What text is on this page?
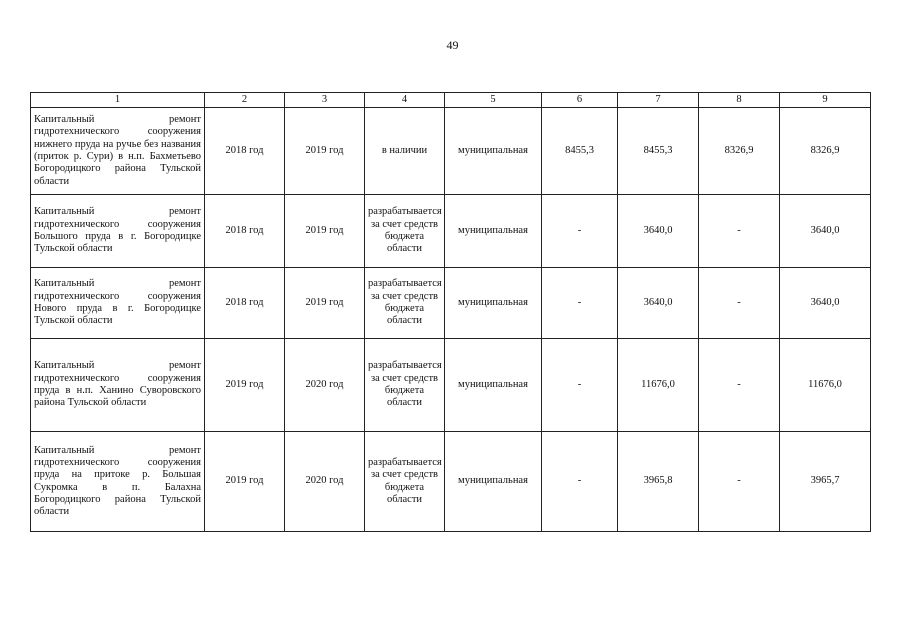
49
1	2	3	4	5	6	7	8	9
Капитальный ремонт гидротехнического сооружения нижнего пруда на ручье без названия (приток р. Сури) в н.п. Бахметьево Богородицкого района Тульской области	2018 год	2019 год	в наличии	муниципальная	8455,3	8455,3	8326,9	8326,9
Капитальный ремонт гидротехнического сооружения Большого пруда в г. Богородицке Тульской области	2018 год	2019 год	разрабатывается за счет средств бюджета области	муниципальная	-	3640,0	-	3640,0
Капитальный ремонт гидротехнического сооружения Нового пруда в г. Богородицке Тульской области	2018 год	2019 год	разрабатывается за счет средств бюджета области	муниципальная	-	3640,0	-	3640,0
Капитальный ремонт гидротехнического сооружения пруда в н.п. Ханино Суворовского района Тульской области	2019 год	2020 год	разрабатывается за счет средств бюджета области	муниципальная	-	11676,0	-	11676,0
Капитальный ремонт гидротехнического сооружения пруда на притоке р. Большая Сукромка в п. Балахна Богородицкого района Тульской области	2019 год	2020 год	разрабатывается за счет средств бюджета области	муниципальная	-	3965,8	-	3965,7
